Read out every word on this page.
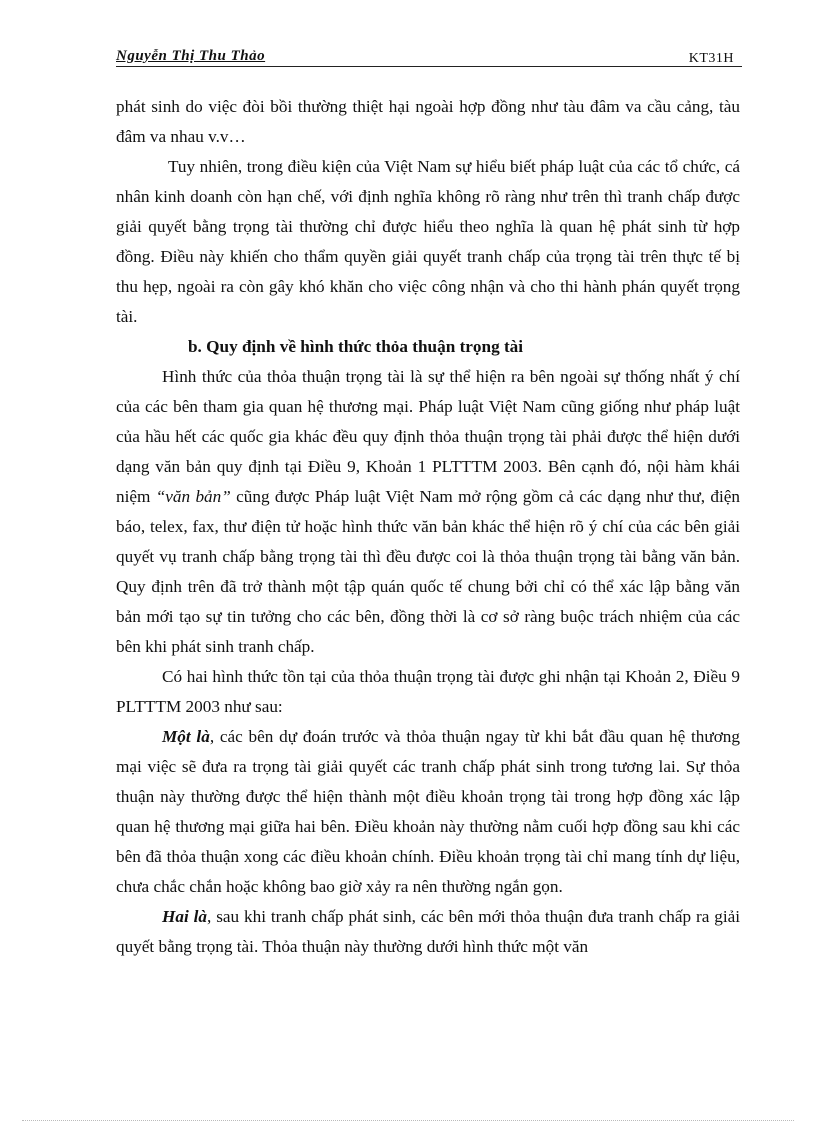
Nguyễn Thị Thu Thảo	KT31H

phát sinh do việc đòi bồi thường thiệt hại ngoài hợp đồng như tàu đâm va cầu cảng, tàu đâm va nhau v.v…

Tuy nhiên, trong điều kiện của Việt Nam sự hiểu biết pháp luật của các tổ chức, cá nhân kinh doanh còn hạn chế, với định nghĩa không rõ ràng như trên thì tranh chấp được giải quyết bằng trọng tài thường chỉ được hiểu theo nghĩa là quan hệ phát sinh từ hợp đồng. Điều này khiến cho thẩm quyền giải quyết tranh chấp của trọng tài trên thực tế bị thu hẹp, ngoài ra còn gây khó khăn cho việc công nhận và cho thi hành phán quyết trọng tài.

b. Quy định về hình thức thỏa thuận trọng tài

Hình thức của thỏa thuận trọng tài là sự thể hiện ra bên ngoài sự thống nhất ý chí của các bên tham gia quan hệ thương mại. Pháp luật Việt Nam cũng giống như pháp luật của hầu hết các quốc gia khác đều quy định thỏa thuận trọng tài phải được thể hiện dưới dạng văn bản quy định tại Điều 9, Khoản 1 PLTTTM 2003. Bên cạnh đó, nội hàm khái niệm “văn bản” cũng được Pháp luật Việt Nam mở rộng gồm cả các dạng như thư, điện báo, telex, fax, thư điện tử hoặc hình thức văn bản khác thể hiện rõ ý chí của các bên giải quyết vụ tranh chấp bằng trọng tài thì đều được coi là thỏa thuận trọng tài bằng văn bản. Quy định trên đã trở thành một tập quán quốc tế chung bởi chỉ có thể xác lập bằng văn bản mới tạo sự tin tưởng cho các bên, đồng thời là cơ sở ràng buộc trách nhiệm của các bên khi phát sinh tranh chấp.

Có hai hình thức tồn tại của thỏa thuận trọng tài được ghi nhận tại Khoản 2, Điều 9 PLTTTM 2003 như sau:

Một là, các bên dự đoán trước và thỏa thuận ngay từ khi bắt đầu quan hệ thương mại việc sẽ đưa ra trọng tài giải quyết các tranh chấp phát sinh trong tương lai. Sự thỏa thuận này thường được thể hiện thành một điều khoản trọng tài trong hợp đồng xác lập quan hệ thương mại giữa hai bên. Điều khoản này thường nằm cuối hợp đồng sau khi các bên đã thỏa thuận xong các điều khoản chính. Điều khoản trọng tài chỉ mang tính dự liệu, chưa chắc chắn hoặc không bao giờ xảy ra nên thường ngắn gọn.

Hai là, sau khi tranh chấp phát sinh, các bên mới thỏa thuận đưa tranh chấp ra giải quyết bằng trọng tài. Thỏa thuận này thường dưới hình thức một văn
